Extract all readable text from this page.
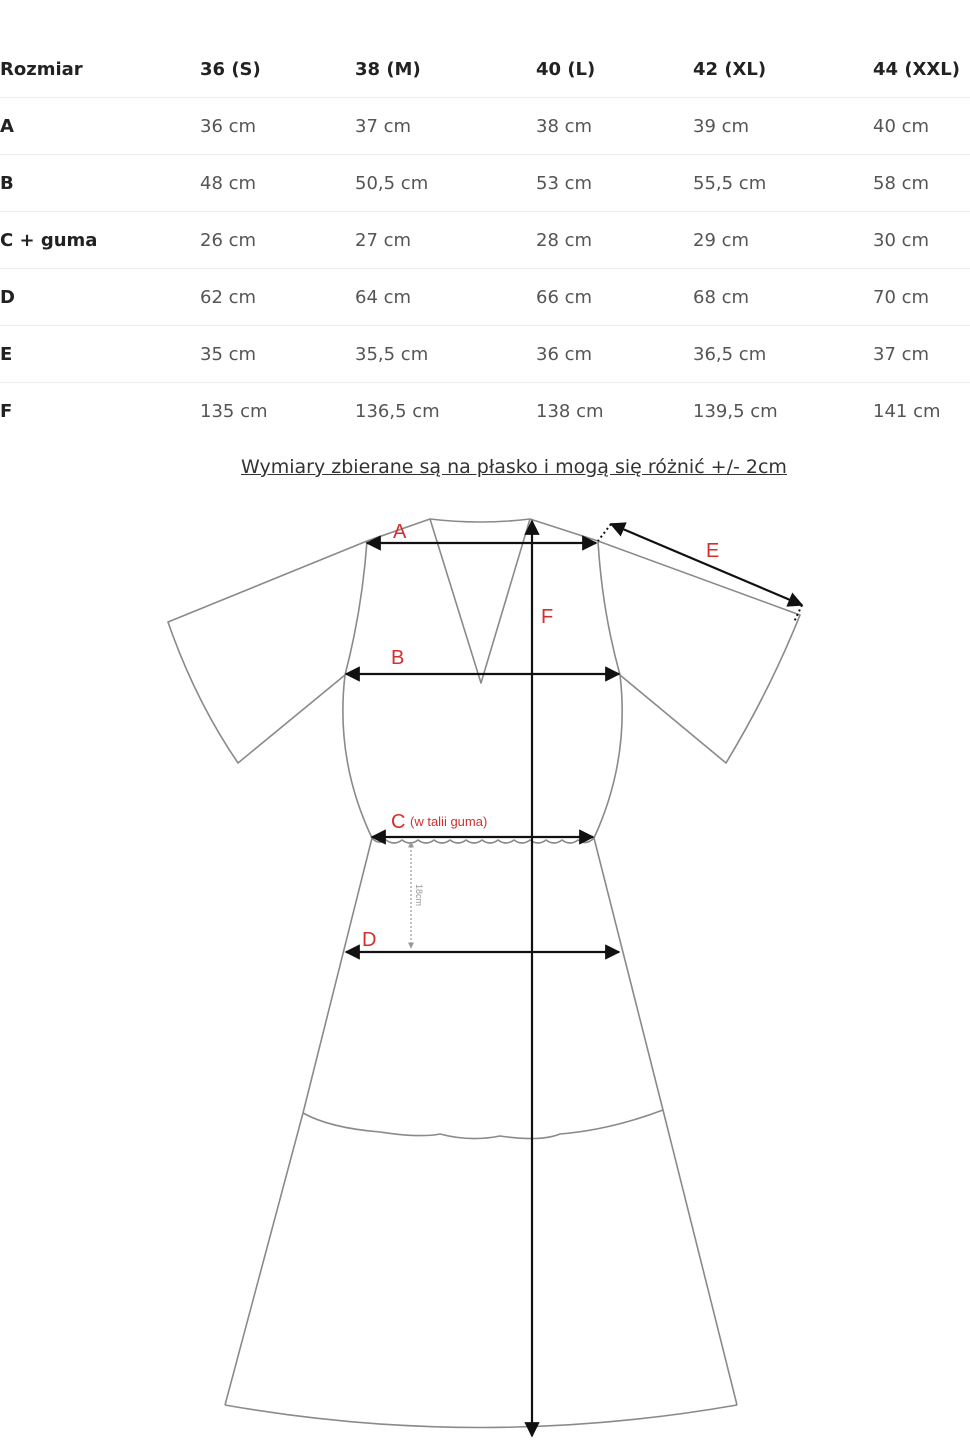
Rozmiar	36 (S)	38 (M)	40 (L)	42 (XL)	44 (XXL)
A	36 cm	37 cm	38 cm	39 cm	40 cm
B	48 cm	50,5 cm	53 cm	55,5 cm	58 cm
C + guma	26 cm	27 cm	28 cm	29 cm	30 cm
D	62 cm	64 cm	66 cm	68 cm	70 cm
E	35 cm	35,5 cm	36 cm	36,5 cm	37 cm
F	135 cm	136,5 cm	138 cm	139,5 cm	141 cm
Wymiary zbierane są na płasko i mogą się różnić +/- 2cm
18cm
A
B
C (w talii guma)
D
E
F
